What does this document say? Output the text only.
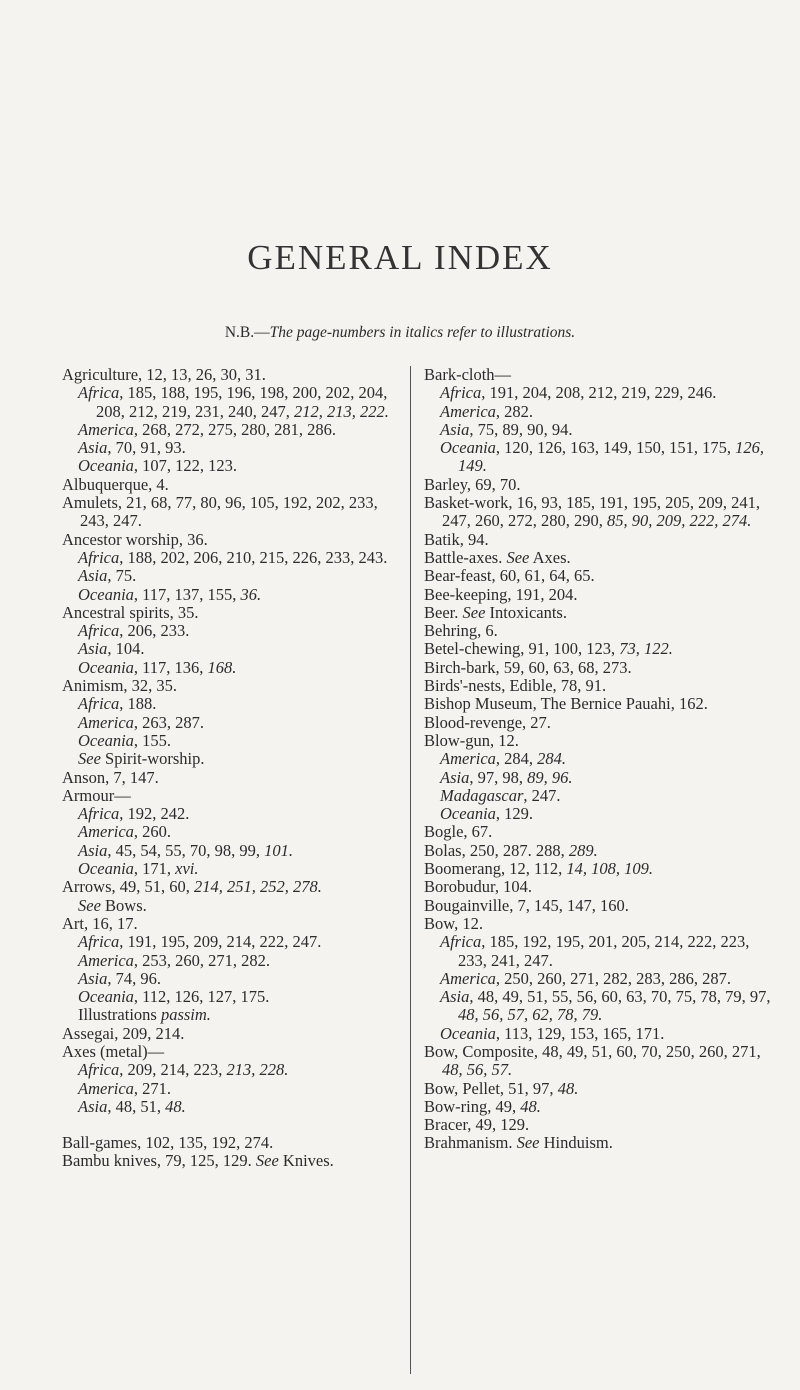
GENERAL INDEX
N.B.—The page-numbers in italics refer to illustrations.

Agriculture, 12, 13, 26, 30, 31.

Africa, 185, 188, 195, 196, 198, 200, 202, 204, 208, 212, 219, 231, 240, 247, 212, 213, 222.

America, 268, 272, 275, 280, 281, 286.

Asia, 70, 91, 93.

Oceania, 107, 122, 123.

Albuquerque, 4.

Amulets, 21, 68, 77, 80, 96, 105, 192, 202, 233, 243, 247.

Ancestor worship, 36.

Africa, 188, 202, 206, 210, 215, 226, 233, 243.

Asia, 75.

Oceania, 117, 137, 155, 36.

Ancestral spirits, 35.

Africa, 206, 233.

Asia, 104.

Oceania, 117, 136, 168.

Animism, 32, 35.

Africa, 188.

America, 263, 287.

Oceania, 155.

See Spirit-worship.

Anson, 7, 147.

Armour—

Africa, 192, 242.

America, 260.

Asia, 45, 54, 55, 70, 98, 99, 101.

Oceania, 171, xvi.

Arrows, 49, 51, 60, 214, 251, 252, 278.

See Bows.

Art, 16, 17.

Africa, 191, 195, 209, 214, 222, 247.

America, 253, 260, 271, 282.

Asia, 74, 96.

Oceania, 112, 126, 127, 175.

Illustrations passim.

Assegai, 209, 214.

Axes (metal)—

Africa, 209, 214, 223, 213, 228.

America, 271.

Asia, 48, 51, 48.

Ball-games, 102, 135, 192, 274.

Bambu knives, 79, 125, 129. See Knives.

Bark-cloth—

Africa, 191, 204, 208, 212, 219, 229, 246.

America, 282.

Asia, 75, 89, 90, 94.

Oceania, 120, 126, 163, 149, 150, 151, 175, 126, 149.

Barley, 69, 70.

Basket-work, 16, 93, 185, 191, 195, 205, 209, 241, 247, 260, 272, 280, 290, 85, 90, 209, 222, 274.

Batik, 94.

Battle-axes. See Axes.

Bear-feast, 60, 61, 64, 65.

Bee-keeping, 191, 204.

Beer. See Intoxicants.

Behring, 6.

Betel-chewing, 91, 100, 123, 73, 122.

Birch-bark, 59, 60, 63, 68, 273.

Birds'-nests, Edible, 78, 91.

Bishop Museum, The Bernice Pauahi, 162.

Blood-revenge, 27.

Blow-gun, 12.

America, 284, 284.

Asia, 97, 98, 89, 96.

Madagascar, 247.

Oceania, 129.

Bogle, 67.

Bolas, 250, 287. 288, 289.

Boomerang, 12, 112, 14, 108, 109.

Borobudur, 104.

Bougainville, 7, 145, 147, 160.

Bow, 12.

Africa, 185, 192, 195, 201, 205, 214, 222, 223, 233, 241, 247.

America, 250, 260, 271, 282, 283, 286, 287.

Asia, 48, 49, 51, 55, 56, 60, 63, 70, 75, 78, 79, 97, 48, 56, 57, 62, 78, 79.

Oceania, 113, 129, 153, 165, 171.

Bow, Composite, 48, 49, 51, 60, 70, 250, 260, 271, 48, 56, 57.

Bow, Pellet, 51, 97, 48.

Bow-ring, 49, 48.

Bracer, 49, 129.

Brahmanism. See Hinduism.
